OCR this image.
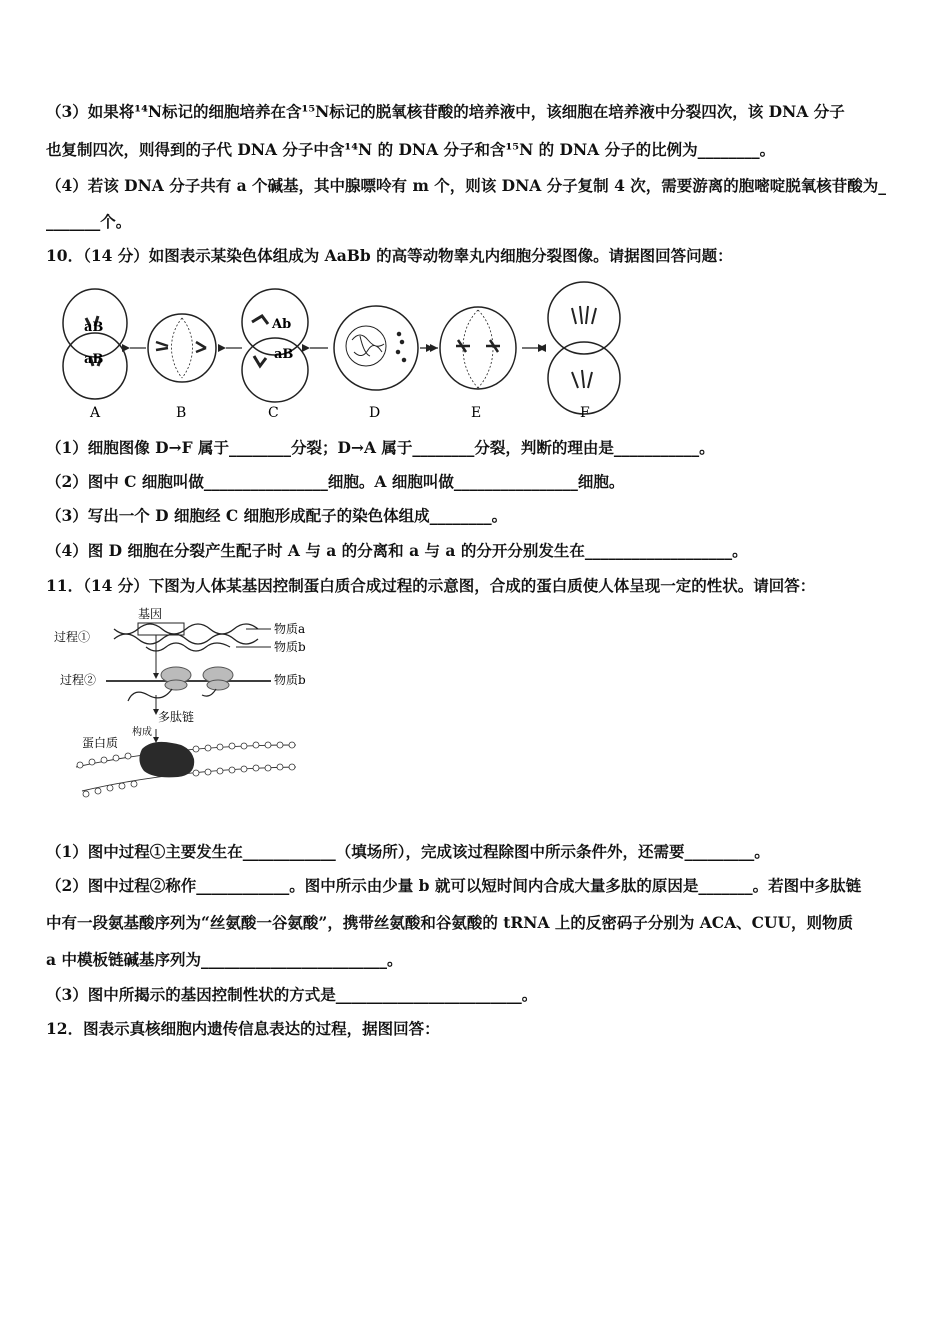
（3）如果将¹⁴N标记的细胞培养在含¹⁵N标记的脱氧核苷酸的培养液中，该细胞在培养液中分裂四次，该 DNA 分子
也复制四次，则得到的子代 DNA 分子中含¹⁴N 的 DNA 分子和含¹⁵N 的 DNA 分子的比例为________。
（4）若该 DNA 分子共有 a 个碱基，其中腺嘌呤有 m 个，则该 DNA 分子复制 4 次，需要游离的胞嘧啶脱氧核苷酸为_
_______个。
10．（14 分）如图表示某染色体组成为 AaBb 的高等动物睾丸内细胞分裂图像。请据图回答问题：
aB
aB
Ab
aB
A	B	C	D	E	F
（1）细胞图像 D→F 属于________分裂；D→A 属于________分裂，判断的理由是___________。
（2）图中 C 细胞叫做________________细胞。A 细胞叫做________________细胞。
（3）写出一个 D 细胞经 C 细胞形成配子的染色体组成________。
（4）图 D 细胞在分裂产生配子时 A 与 a 的分离和 a 与 a 的分开分别发生在___________________。
11．（14 分）下图为人体某基因控制蛋白质合成过程的示意图，合成的蛋白质使人体呈现一定的性状。请回答：
基因
过程①
物质a
物质b
过程②	物质b
多肽链
构成
蛋白质
（1）图中过程①主要发生在____________（填场所），完成该过程除图中所示条件外，还需要_________。
（2）图中过程②称作____________。图中所示由少量 b 就可以短时间内合成大量多肽的原因是_______。若图中多肽链
中有一段氨基酸序列为“丝氨酸一谷氨酸”，携带丝氨酸和谷氨酸的 tRNA 上的反密码子分别为 ACA、CUU，则物质
a 中模板链碱基序列为________________________。
（3）图中所揭示的基因控制性状的方式是________________________。
12．图表示真核细胞内遗传信息表达的过程，据图回答：
